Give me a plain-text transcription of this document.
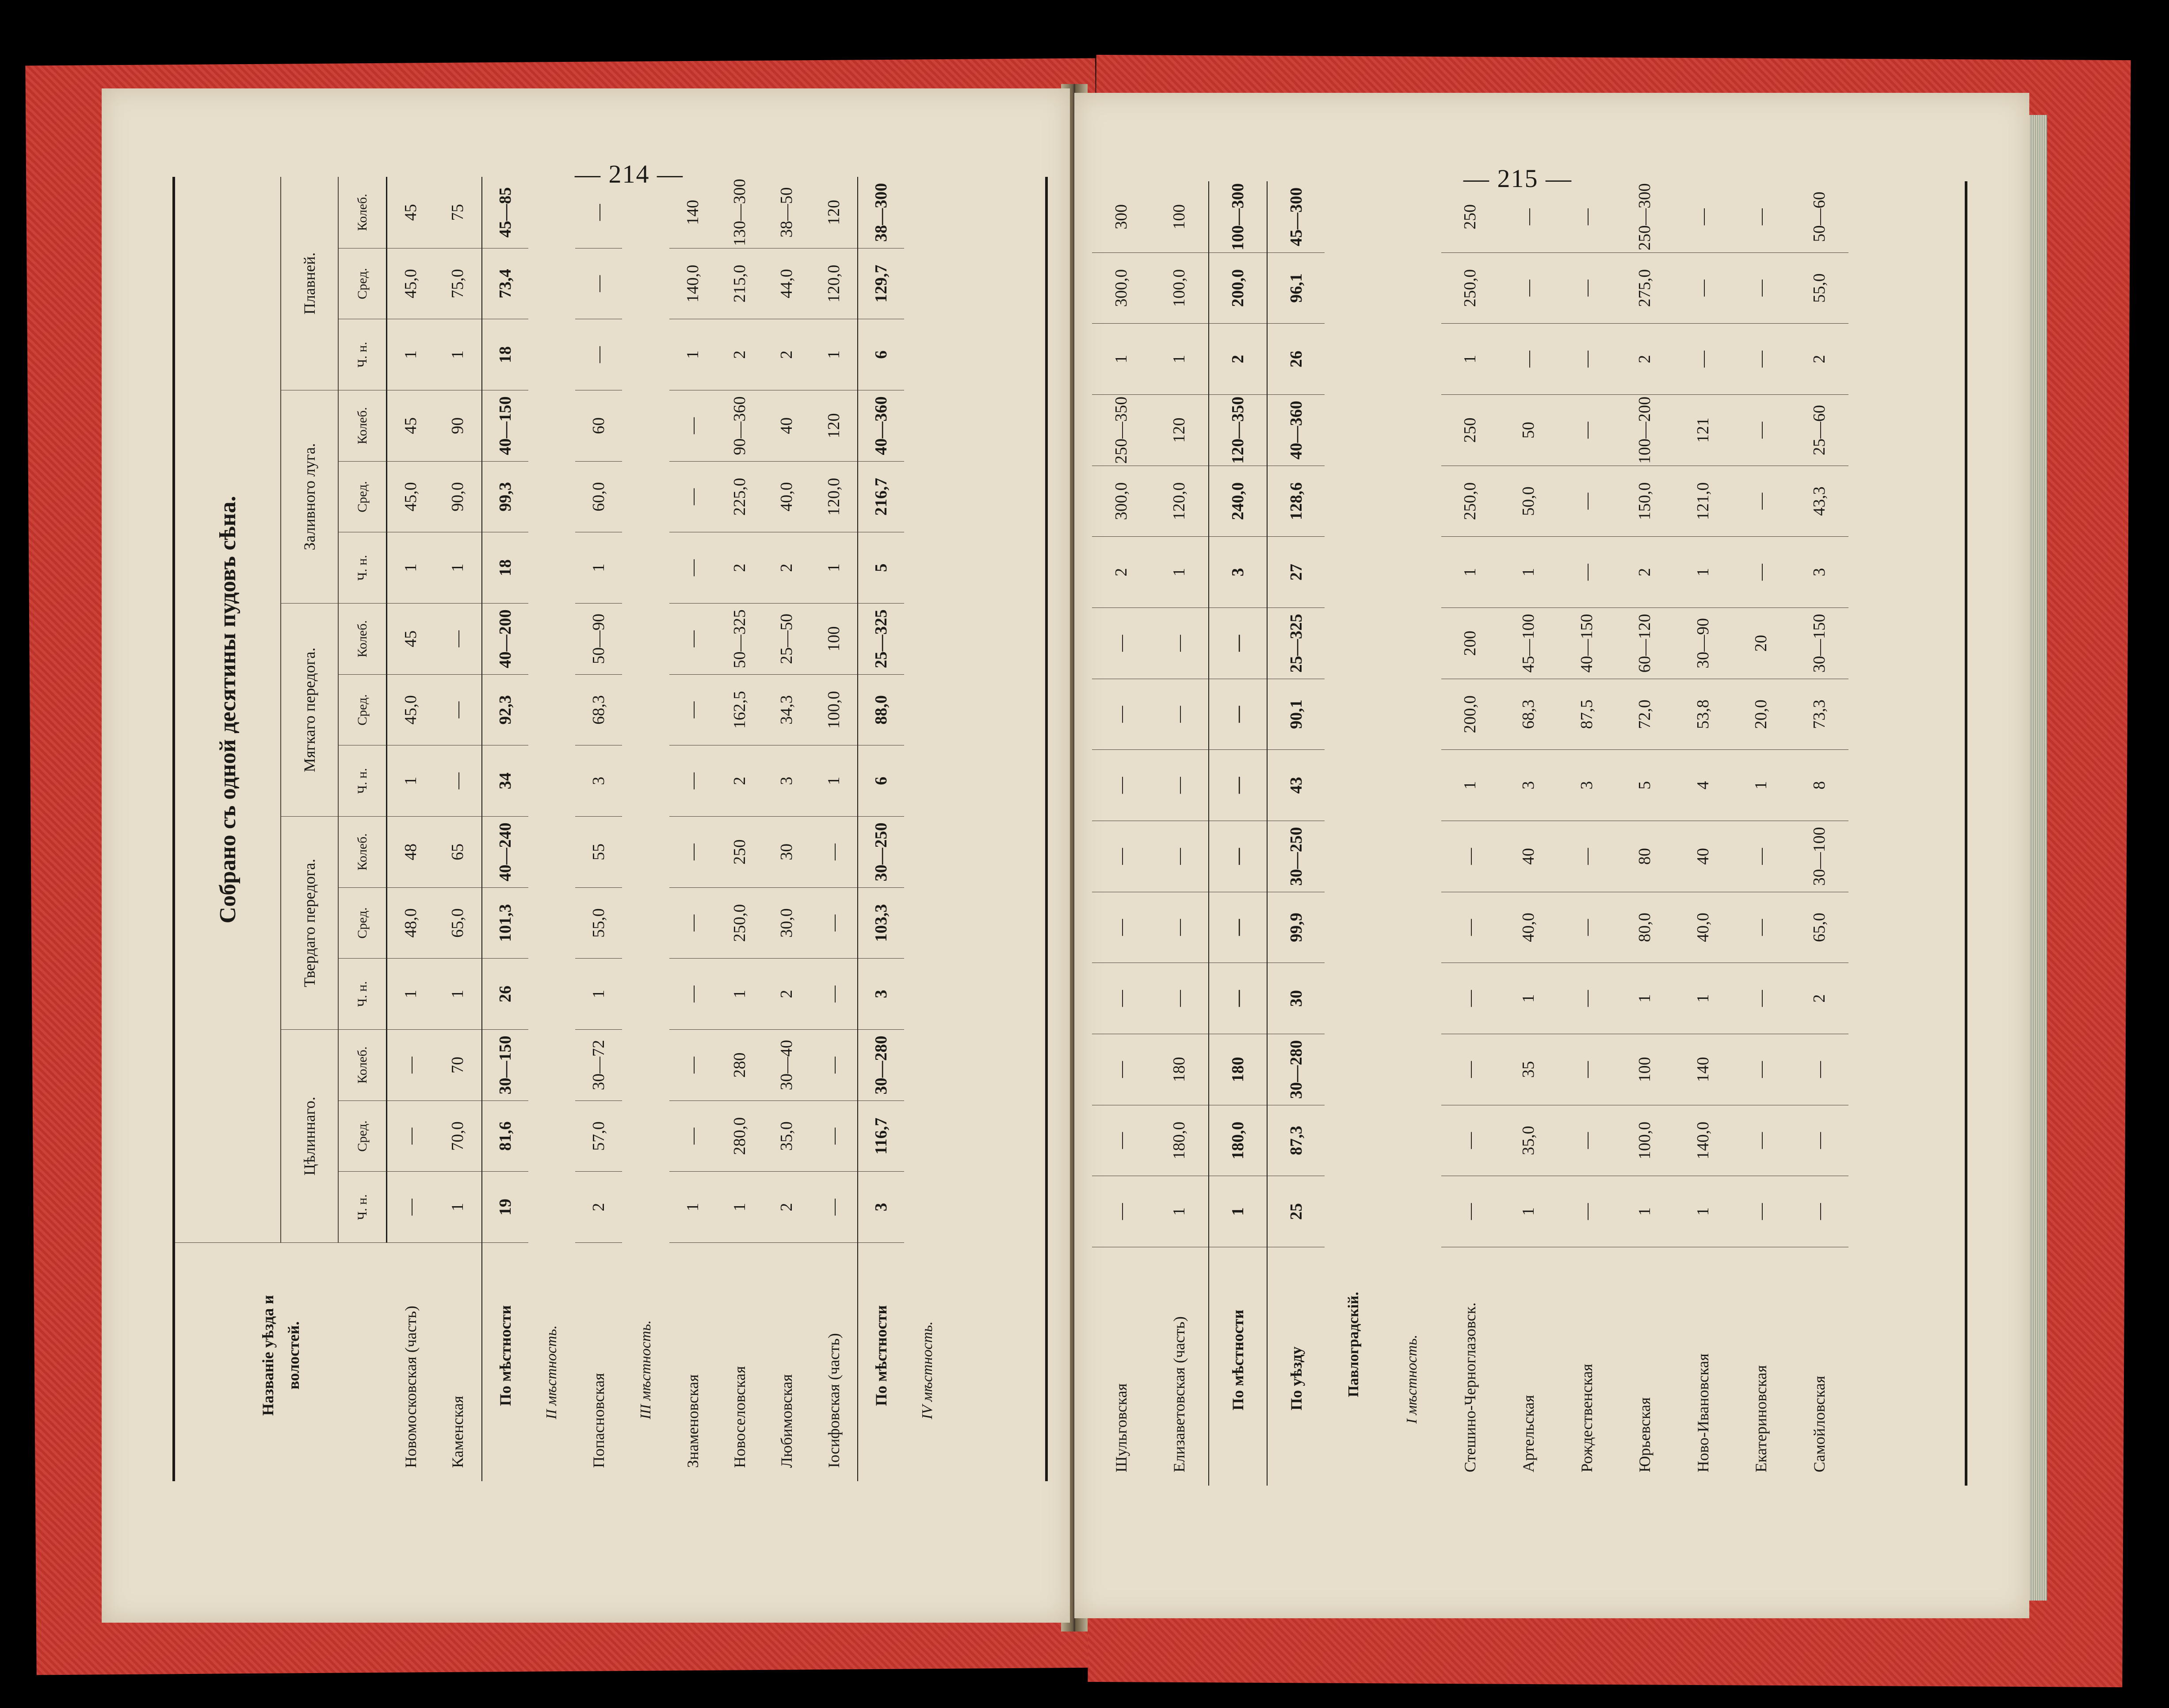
— 214 —
Названіе уѣзда и волостей.
Собрано съ одной десятины пудовъ сѣна.
Цѣлиннаго.
Твердаго передога.
Мягкаго передога.
Заливного луга.
Плавней.
Ч. н.
Сред.
Колеб.
Ч. н.
Сред.
Колеб.
Ч. н.
Сред.
Колеб.
Ч. н.
Сред.
Колеб.
Ч. н.
Сред.
Колеб.
Новомосковская (часть)
—
—
—
1
48,0
48
1
45,0
45
1
45,0
45
1
45,0
45
Каменская
1
70,0
70
1
65,0
65
—
—
—
1
90,0
90
1
75,0
75
По мѣстности
19
81,6
30—150
26
101,3
40—240
34
92,3
40—200
18
99,3
40—150
18
73,4
45—85
II мѣстность.
Попасновская
2
57,0
30—72
1
55,0
55
3
68,3
50—90
1
60,0
60
—
—
—
III мѣстность.
Знаменовская
1
—
—
—
—
—
—
—
—
—
—
—
1
140,0
140
Новоселовская
1
280,0
280
1
250,0
250
2
162,5
50—325
2
225,0
90—360
2
215,0
130—300
Любимовская
2
35,0
30—40
2
30,0
30
3
34,3
25—50
2
40,0
40
2
44,0
38—50
Іосифовская (часть)
—
—
—
—
—
—
1
100,0
100
1
120,0
120
1
120,0
120
По мѣстности
3
116,7
30—280
3
103,3
30—250
6
88,0
25—325
5
216,7
40—360
6
129,7
38—300
IV мѣстность.
— 215 —
Шульговская
—
—
—
—
—
—
—
—
—
2
300,0
250—350
1
300,0
300
Елизаветовская (часть)
1
180,0
180
—
—
—
—
—
—
1
120,0
120
1
100,0
100
По мѣстности
1
180,0
180
—
—
—
—
—
—
3
240,0
120—350
2
200,0
100—300
По уѣзду
25
87,3
30—280
30
99,9
30—250
43
90,1
25—325
27
128,6
40—360
26
96,1
45—300
Павлоградскій.	I мѣстность.	Стешино-Черноглазовск.
—
—
—
—
—
—
1
200,0
200
1
250,0
250
1
250,0
250
Артельская
1
35,0
35
1
40,0
40
3
68,3
45—100
1
50,0
50
—
—
—
Рождественская
—
—
—
—
—
—
3
87,5
40—150
—
—
—
—
—
—
Юрьевская
1
100,0
100
1
80,0
80
5
72,0
60—120
2
150,0
100—200
2
275,0
250—300
Ново-Ивановская
1
140,0
140
1
40,0
40
4
53,8
30—90
1
121,0
121
—
—
—
Екатериновская
—
—
—
—
—
—
1
20,0
20
—
—
—
—
—
—
Самойловская
—
—
—
2
65,0
30—100
8
73,3
30—150
3
43,3
25—60
2
55,0
50—60
